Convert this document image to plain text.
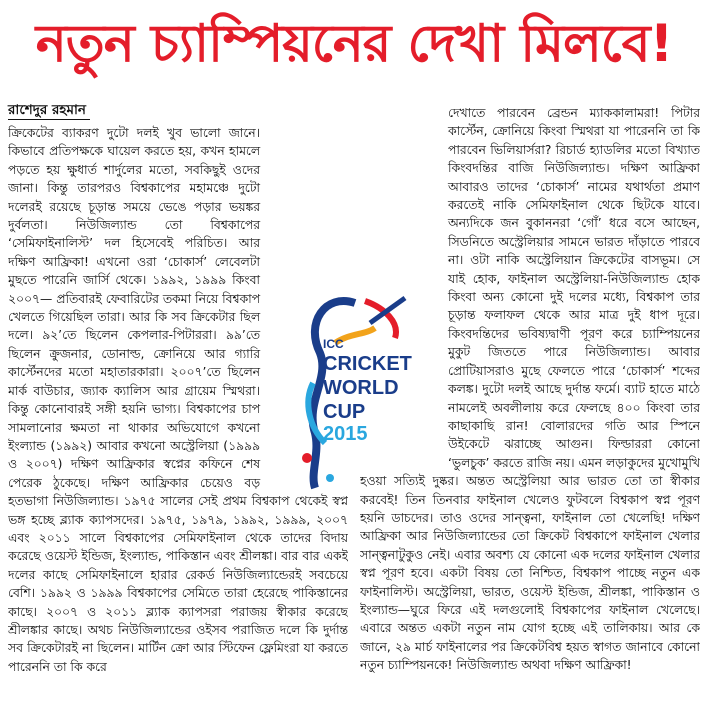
নতুন চ্যাম্পিয়নের দেখা মিলবে!
রাশেদুর রহমান

ক্রিকেটের ব্যাকরণ দুটো দলই খুব ভালো জানে। কিভাবে প্রতিপক্ষকে ঘায়েল করতে হয়, কখন হামলে পড়তে হয় ক্ষুধার্ত শার্দুলের মতো, সবকিছুই ওদের জানা। কিন্তু তারপরও বিশ্বকাপের মহামঞ্চে দুটো দলেরই রয়েছে চূড়ান্ত সময়ে ভেঙে পড়ার ভয়ঙ্কর দুর্বলতা। নিউজিল্যান্ড তো বিশ্বকাপের ‘সেমিফাইনালিস্ট’ দল হিসেবেই পরিচিত। আর দক্ষিণ আফ্রিকা! এখনো ওরা ‘চোকার্স’ লেবেলটা মুছতে পারেনি জার্সি থেকে। ১৯৯২, ১৯৯৯ কিংবা ২০০৭— প্রতিবারই ফেবারিটের তকমা নিয়ে বিশ্বকাপ খেলতে গিয়েছিল তারা। আর কি সব ক্রিকেটার ছিল দলে। ৯২’তে ছিলেন কেপলার-পিটাররা। ৯৯’তে ছিলেন ক্রুজনার, ডোনাল্ড, ক্রোনিয়ে আর গ্যারি কার্স্টেনদের মতো মহাতারকারা। ২০০৭’তে ছিলেন মার্ক বাউচার, জ্যাক ক্যালিস আর গ্রায়েম স্মিথরা। কিন্তু কোনোবারই সঙ্গী হয়নি ভাগ্য। বিশ্বকাপের চাপ সামলানোর ক্ষমতা না থাকার অভিযোগে কখনো ইংল্যান্ড (১৯৯২) আবার কখনো অস্ট্রেলিয়া (১৯৯৯ ও ২০০৭) দক্ষিণ আফ্রিকার স্বপ্নের কফিনে শেষ পেরেক ঠুকেছে। দক্ষিণ আফ্রিকার চেয়েও বড় হতভাগা নিউজিল্যান্ড। ১৯৭৫ সালের সেই প্রথম বিশ্বকাপ থেকেই স্বপ্ন ভঙ্গ হচ্ছে ব্ল্যাক ক্যাপসদের। ১৯৭৫, ১৯৭৯, ১৯৯২, ১৯৯৯, ২০০৭ এবং ২০১১ সালে বিশ্বকাপের সেমিফাইনাল থেকে তাদের বিদায় করেছে ওয়েস্ট ইন্ডিজ, ইংল্যান্ড, পাকিস্তান এবং শ্রীলঙ্কা। বার বার একই দলের কাছে সেমিফাইনালে হারার রেকর্ড নিউজিল্যান্ডেরই সবচেয়ে বেশি। ১৯৯২ ও ১৯৯৯ বিশ্বকাপের সেমিতে তারা হেরেছে পাকিস্তানের কাছে। ২০০৭ ও ২০১১ ব্ল্যাক ক্যাপসরা পরাজয় স্বীকার করেছে শ্রীলঙ্কার কাছে। অথচ নিউজিল্যান্ডের ওইসব পরাজিত দলে কি দুর্দান্ত সব ক্রিকেটারই না ছিলেন। মার্টিন ক্রো আর স্টিফেন ফ্লেমিংরা যা করতে পারেননি তা কি করে

দেখাতে পারবেন ব্রেন্ডন ম্যাককালামরা! পিটার কার্স্টেন, ক্রোনিয়ে কিংবা স্মিথরা যা পারেননি তা কি পারবেন ভিলিয়ার্সরা? রিচার্ড হ্যাডলির মতো বিখ্যাত কিংবদন্তির বাজি নিউজিল্যান্ড। দক্ষিণ আফ্রিকা আবারও তাদের ‘চোকার্স’ নামের যথার্থতা প্রমাণ করতেই নাকি সেমিফাইনাল থেকে ছিটকে যাবে। অন্যদিকে জন বুকাননরা ‘গোঁ’ ধরে বসে আছেন, সিডনিতে অস্ট্রেলিয়ার সামনে ভারত দাঁড়াতে পারবে না। ওটা নাকি অস্ট্রেলিয়ান ক্রিকেটের বাসভূম। সে যাই হোক, ফাইনাল অস্ট্রেলিয়া-নিউজিল্যান্ড হোক কিংবা অন্য কোনো দুই দলের মধ্যে, বিশ্বকাপ তার চূড়ান্ত ফলাফল থেকে আর মাত্র দুই ধাপ দূরে। কিংবদন্তিদের ভবিষ্যদ্বাণী পূরণ করে চ্যাম্পিয়নের মুকুট জিততে পারে নিউজিল্যান্ড। আবার প্রোটিয়াসরাও মুছে ফেলতে পারে ‘চোকার্স’ শব্দের কলঙ্ক। দুটো দলই আছে দুর্দান্ত ফর্মে। ব্যাট হাতে মাঠে নামলেই অবলীলায় করে ফেলছে ৪০০ কিংবা তার কাছাকাছি রান! বোলারদের গতি আর স্পিনে উইকেটে ঝরাচ্ছে আগুন। ফিল্ডাররা কোনো ‘ভুলচুক’ করতে রাজি নয়। এমন লড়াকুদের মুখোমুখি হওয়া সত্যিই দুষ্কর। অন্তত অস্ট্রেলিয়া আর ভারত তো তা স্বীকার করবেই! তিন তিনবার ফাইনাল খেলেও ফুটবলে বিশ্বকাপ স্বপ্ন পূরণ হয়নি ডাচদের। তাও ওদের সান্ত্বনা, ফাইনাল তো খেলেছি! দক্ষিণ আফ্রিকা আর নিউজিল্যান্ডের তো ক্রিকেট বিশ্বকাপে ফাইনাল খেলার সান্ত্বনাটুকুও নেই। এবার অবশ্য যে কোনো এক দলের ফাইনাল খেলার স্বপ্ন পূরণ হবে। একটা বিষয় তো নিশ্চিত, বিশ্বকাপ পাচ্ছে নতুন এক ফাইনালিস্ট। অস্ট্রেলিয়া, ভারত, ওয়েস্ট ইন্ডিজ, শ্রীলঙ্কা, পাকিস্তান ও ইংল্যান্ড—ঘুরে ফিরে এই দলগুলোই বিশ্বকাপের ফাইনাল খেলেছে। এবারে অন্তত একটা নতুন নাম যোগ হচ্ছে এই তালিকায়। আর কে জানে, ২৯ মার্চ ফাইনালের পর ক্রিকেটবিশ্ব হয়ত স্বাগত জানাবে কোনো নতুন চ্যাম্পিয়নকে! নিউজিল্যান্ড অথবা দক্ষিণ আফ্রিকা!

ICC
CRICKET
WORLD
CUP
2015
